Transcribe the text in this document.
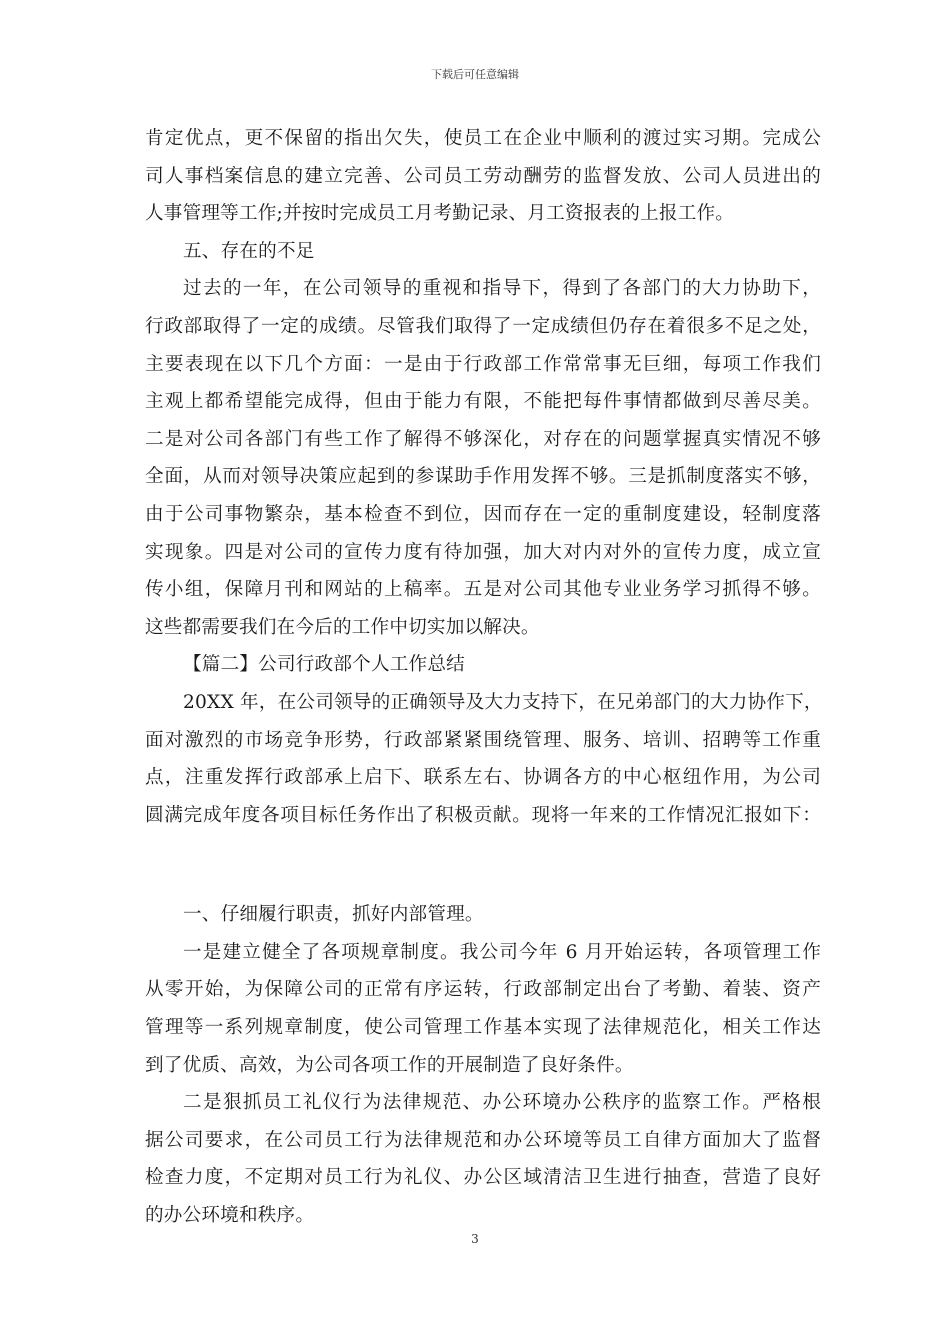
下载后可任意编辑
肯定优点，更不保留的指出欠失，使员工在企业中顺利的渡过实习期。完成公
司人事档案信息的建立完善、公司员工劳动酬劳的监督发放、公司人员进出的
人事管理等工作;并按时完成员工月考勤记录、月工资报表的上报工作。
五、存在的不足
过去的一年，在公司领导的重视和指导下，得到了各部门的大力协助下，
行政部取得了一定的成绩。尽管我们取得了一定成绩但仍存在着很多不足之处，
主要表现在以下几个方面：一是由于行政部工作常常事无巨细，每项工作我们
主观上都希望能完成得，但由于能力有限，不能把每件事情都做到尽善尽美。
二是对公司各部门有些工作了解得不够深化，对存在的问题掌握真实情况不够
全面，从而对领导决策应起到的参谋助手作用发挥不够。三是抓制度落实不够，
由于公司事物繁杂，基本检查不到位，因而存在一定的重制度建设，轻制度落
实现象。四是对公司的宣传力度有待加强，加大对内对外的宣传力度，成立宣
传小组，保障月刊和网站的上稿率。五是对公司其他专业业务学习抓得不够。
这些都需要我们在今后的工作中切实加以解决。
【篇二】公司行政部个人工作总结
20XX 年，在公司领导的正确领导及大力支持下，在兄弟部门的大力协作下，
面对激烈的市场竞争形势，行政部紧紧围绕管理、服务、培训、招聘等工作重
点，注重发挥行政部承上启下、联系左右、协调各方的中心枢纽作用，为公司
圆满完成年度各项目标任务作出了积极贡献。现将一年来的工作情况汇报如下：
一、仔细履行职责，抓好内部管理。
一是建立健全了各项规章制度。我公司今年 6 月开始运转，各项管理工作
从零开始，为保障公司的正常有序运转，行政部制定出台了考勤、着装、资产
管理等一系列规章制度，使公司管理工作基本实现了法律规范化，相关工作达
到了优质、高效，为公司各项工作的开展制造了良好条件。
二是狠抓员工礼仪行为法律规范、办公环境办公秩序的监察工作。严格根
据公司要求，在公司员工行为法律规范和办公环境等员工自律方面加大了监督
检查力度，不定期对员工行为礼仪、办公区域清洁卫生进行抽查，营造了良好
的办公环境和秩序。
3
